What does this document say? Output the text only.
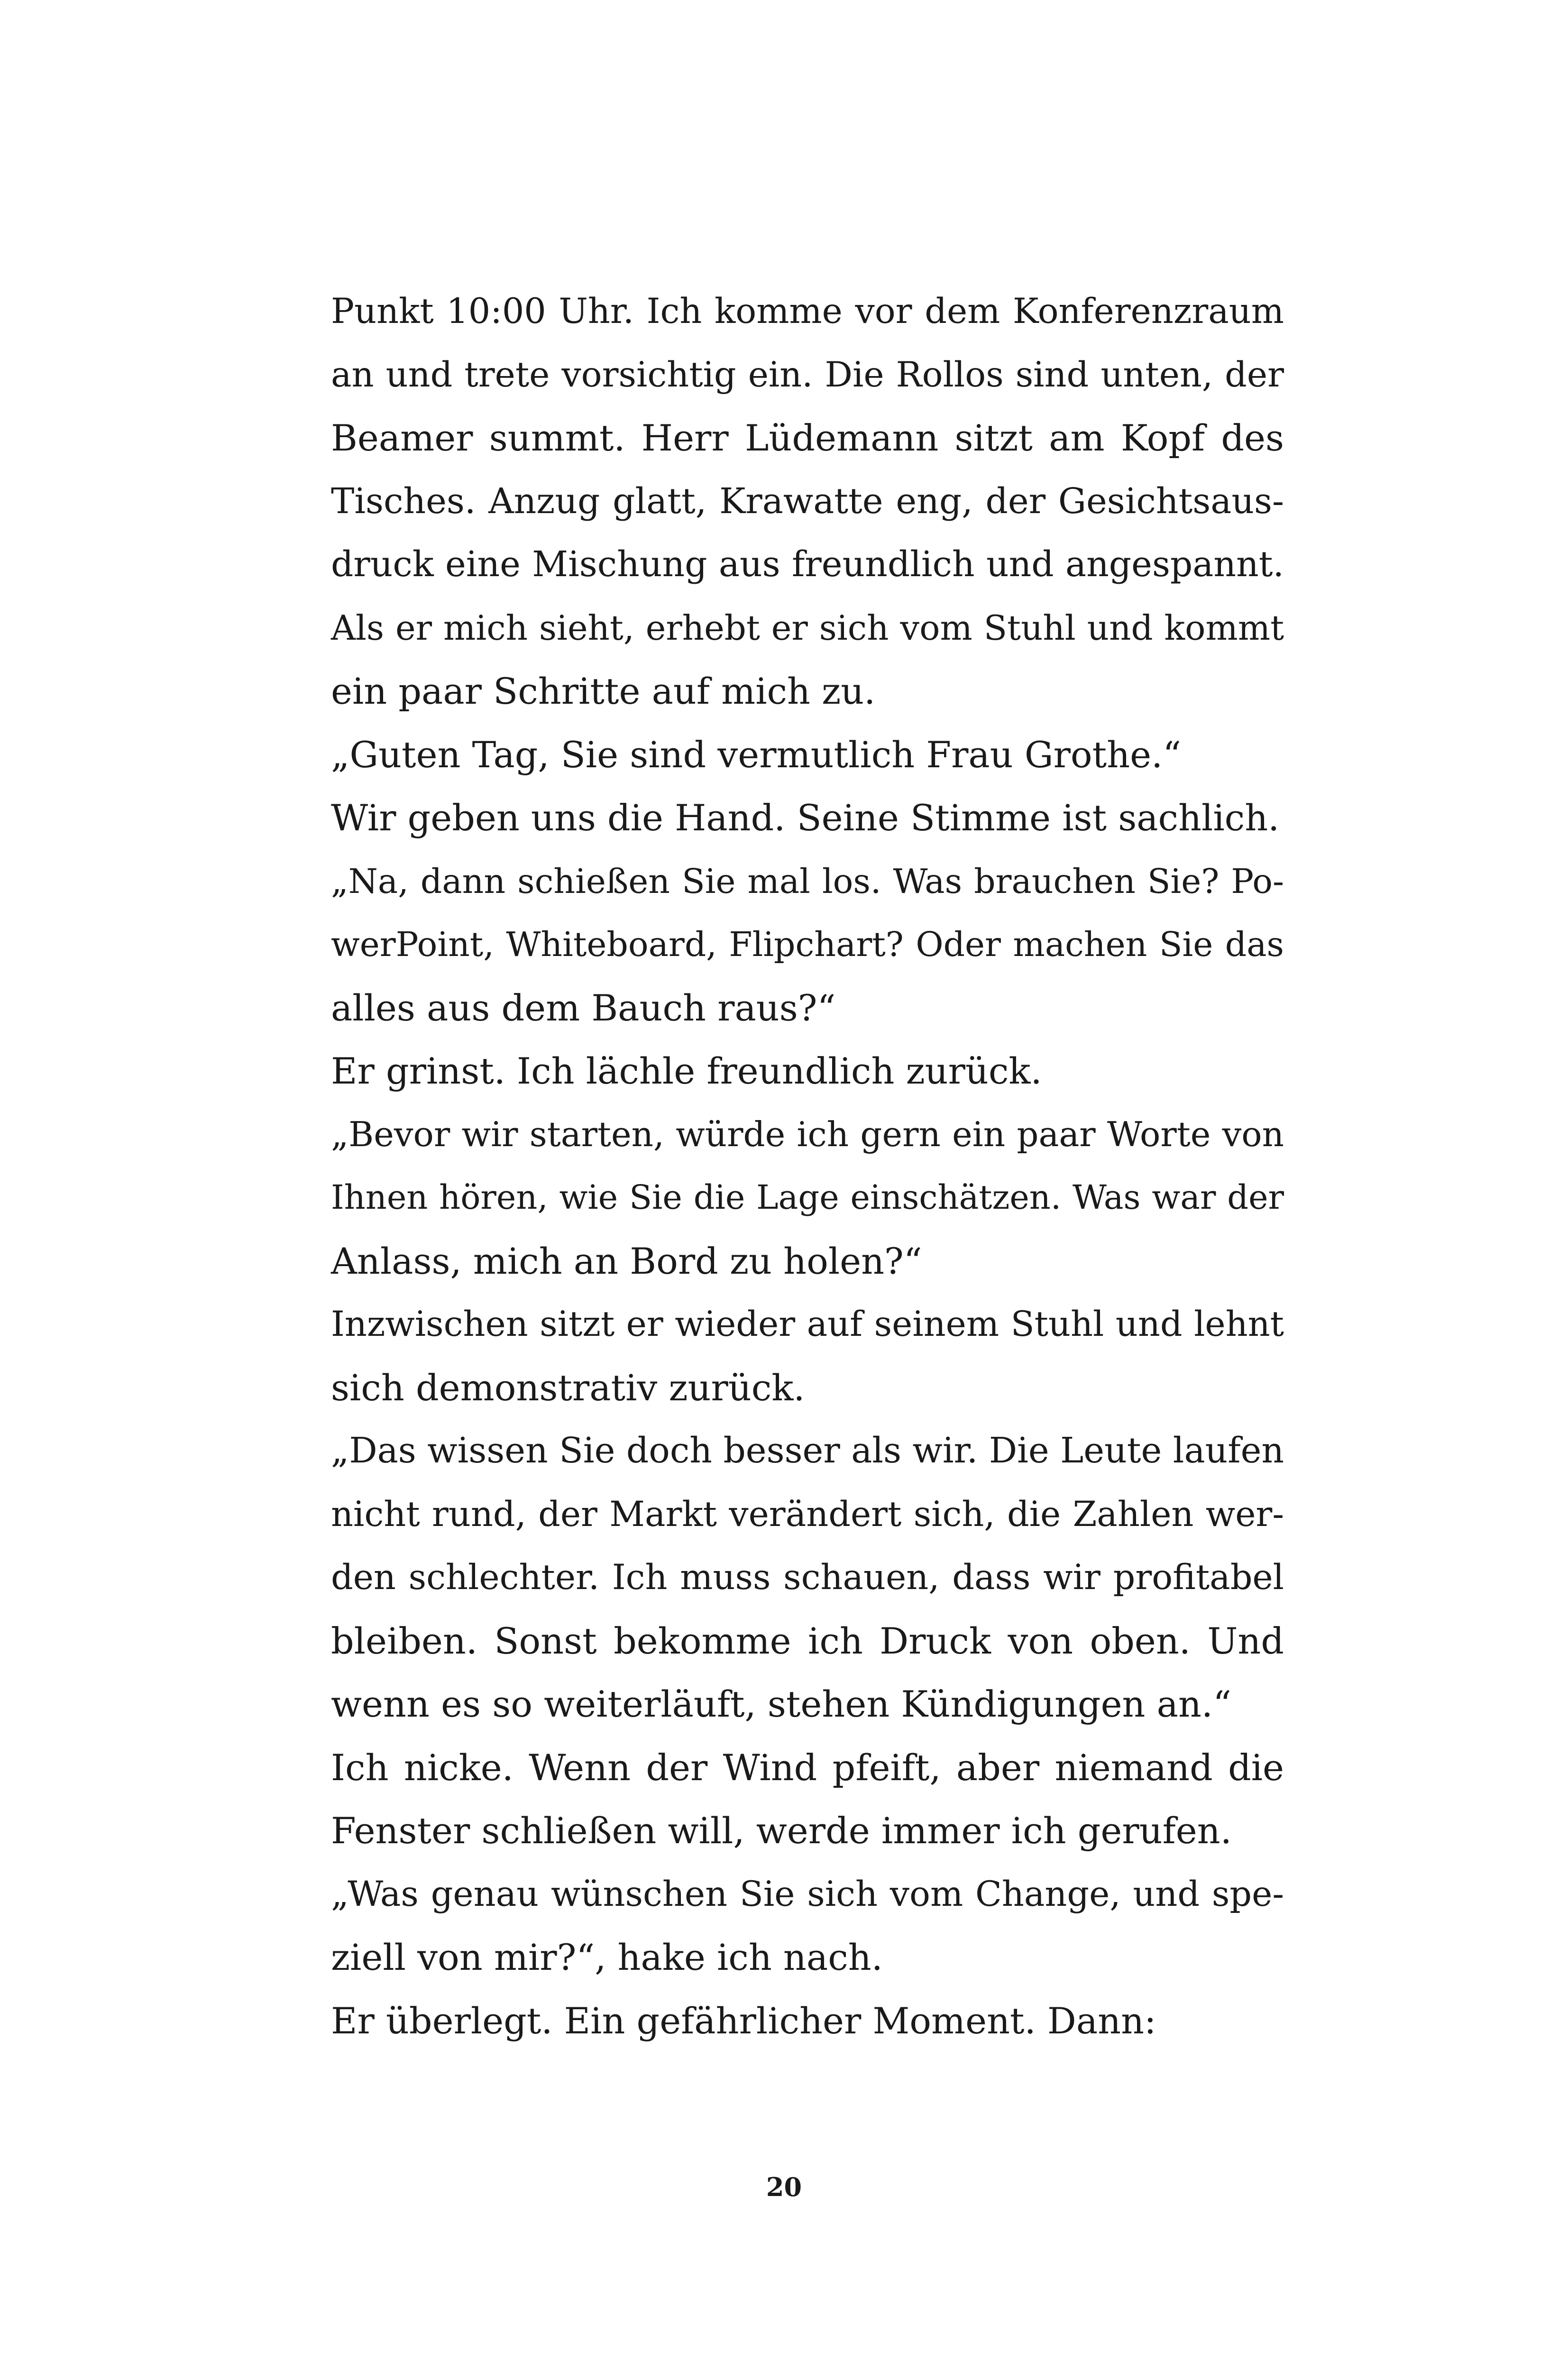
Punkt 10:00 Uhr. Ich komme vor dem Konferenzraum
an und trete vorsichtig ein. Die Rollos sind unten, der
Beamer summt. Herr Lüdemann sitzt am Kopf des
Tisches. Anzug glatt, Krawatte eng, der Gesichtsaus-
druck eine Mischung aus freundlich und angespannt.
Als er mich sieht, erhebt er sich vom Stuhl und kommt
ein paar Schritte auf mich zu.
„Guten Tag, Sie sind vermutlich Frau Grothe.“
Wir geben uns die Hand. Seine Stimme ist sachlich.
„Na, dann schießen Sie mal los. Was brauchen Sie? Po-
werPoint, Whiteboard, Flipchart? Oder machen Sie das
alles aus dem Bauch raus?“
Er grinst. Ich lächle freundlich zurück.
„Bevor wir starten, würde ich gern ein paar Worte von
Ihnen hören, wie Sie die Lage einschätzen. Was war der
Anlass, mich an Bord zu holen?“
Inzwischen sitzt er wieder auf seinem Stuhl und lehnt
sich demonstrativ zurück.
„Das wissen Sie doch besser als wir. Die Leute laufen
nicht rund, der Markt verändert sich, die Zahlen wer-
den schlechter. Ich muss schauen, dass wir profitabel
bleiben. Sonst bekomme ich Druck von oben. Und
wenn es so weiterläuft, stehen Kündigungen an.“
Ich nicke. Wenn der Wind pfeift, aber niemand die
Fenster schließen will, werde immer ich gerufen.
„Was genau wünschen Sie sich vom Change, und spe-
ziell von mir?“, hake ich nach.
Er überlegt. Ein gefährlicher Moment. Dann:
20
